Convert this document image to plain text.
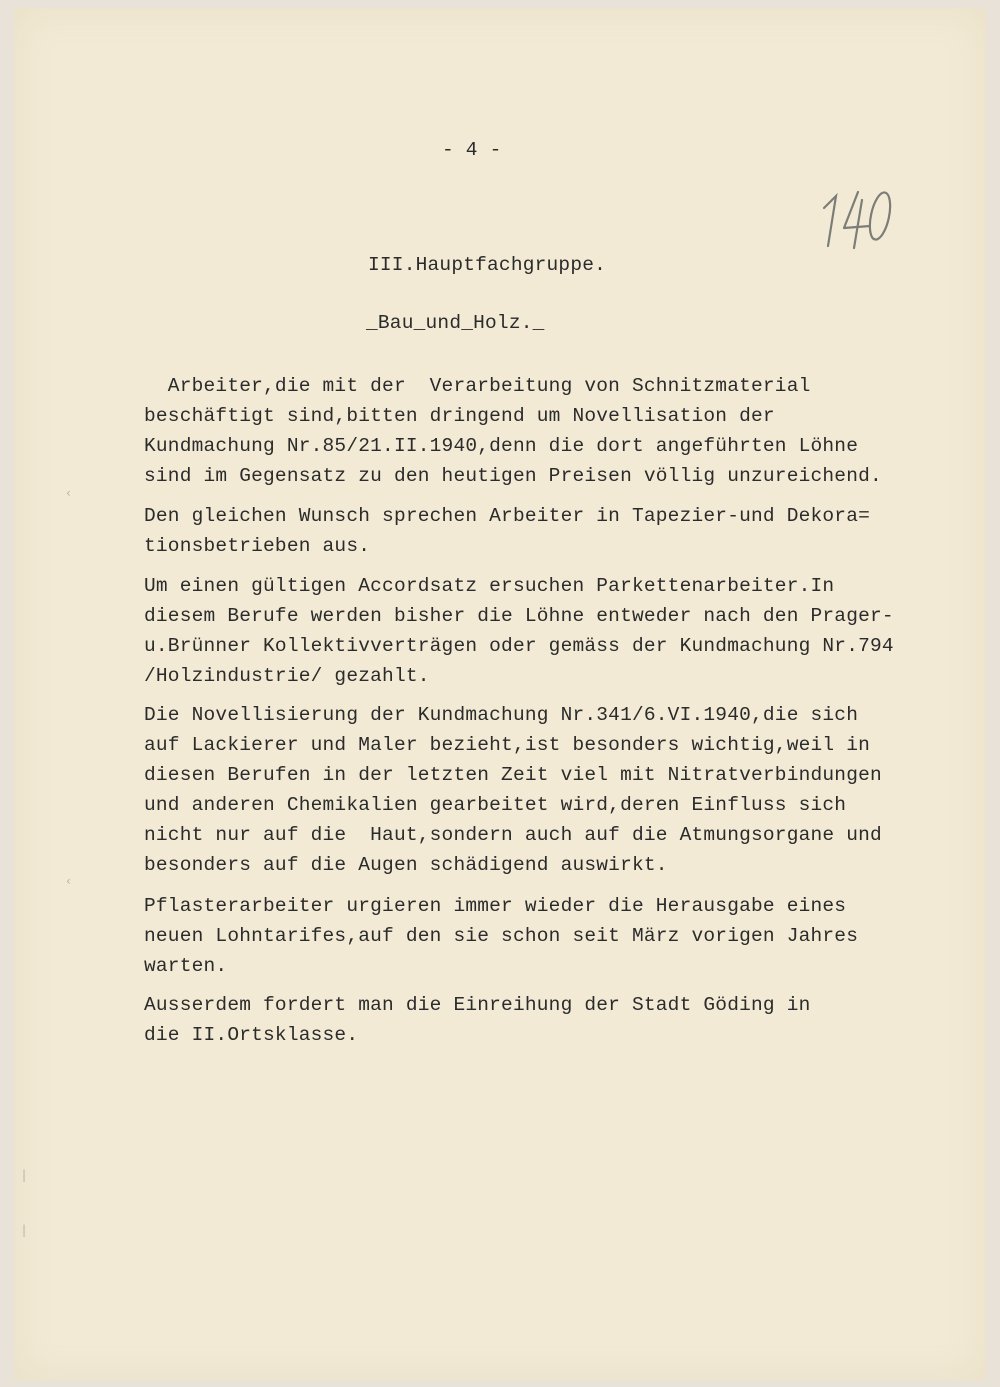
- 4 -
III.Hauptfachgruppe.
_Bau_und_Holz._
Arbeiter,die mit der  Verarbeitung von Schnitzmaterial
beschäftigt sind,bitten dringend um Novellisation der
Kundmachung Nr.85/21.II.1940,denn die dort angeführten Löhne
sind im Gegensatz zu den heutigen Preisen völlig unzureichend.
Den gleichen Wunsch sprechen Arbeiter in Tapezier-und Dekora=
tionsbetrieben aus.
Um einen gültigen Accordsatz ersuchen Parkettenarbeiter.In
diesem Berufe werden bisher die Löhne entweder nach den Prager-
u.Brünner Kollektivverträgen oder gemäss der Kundmachung Nr.794
/Holzindustrie/ gezahlt.
Die Novellisierung der Kundmachung Nr.341/6.VI.1940,die sich
auf Lackierer und Maler bezieht,ist besonders wichtig,weil in
diesen Berufen in der letzten Zeit viel mit Nitratverbindungen
und anderen Chemikalien gearbeitet wird,deren Einfluss sich
nicht nur auf die  Haut,sondern auch auf die Atmungsorgane und
besonders auf die Augen schädigend auswirkt.
Pflasterarbeiter urgieren immer wieder die Herausgabe eines
neuen Lohntarifes,auf den sie schon seit März vorigen Jahres
warten.
Ausserdem fordert man die Einreihung der Stadt Göding in
die II.Ortsklasse.
‹
‹
|
|
